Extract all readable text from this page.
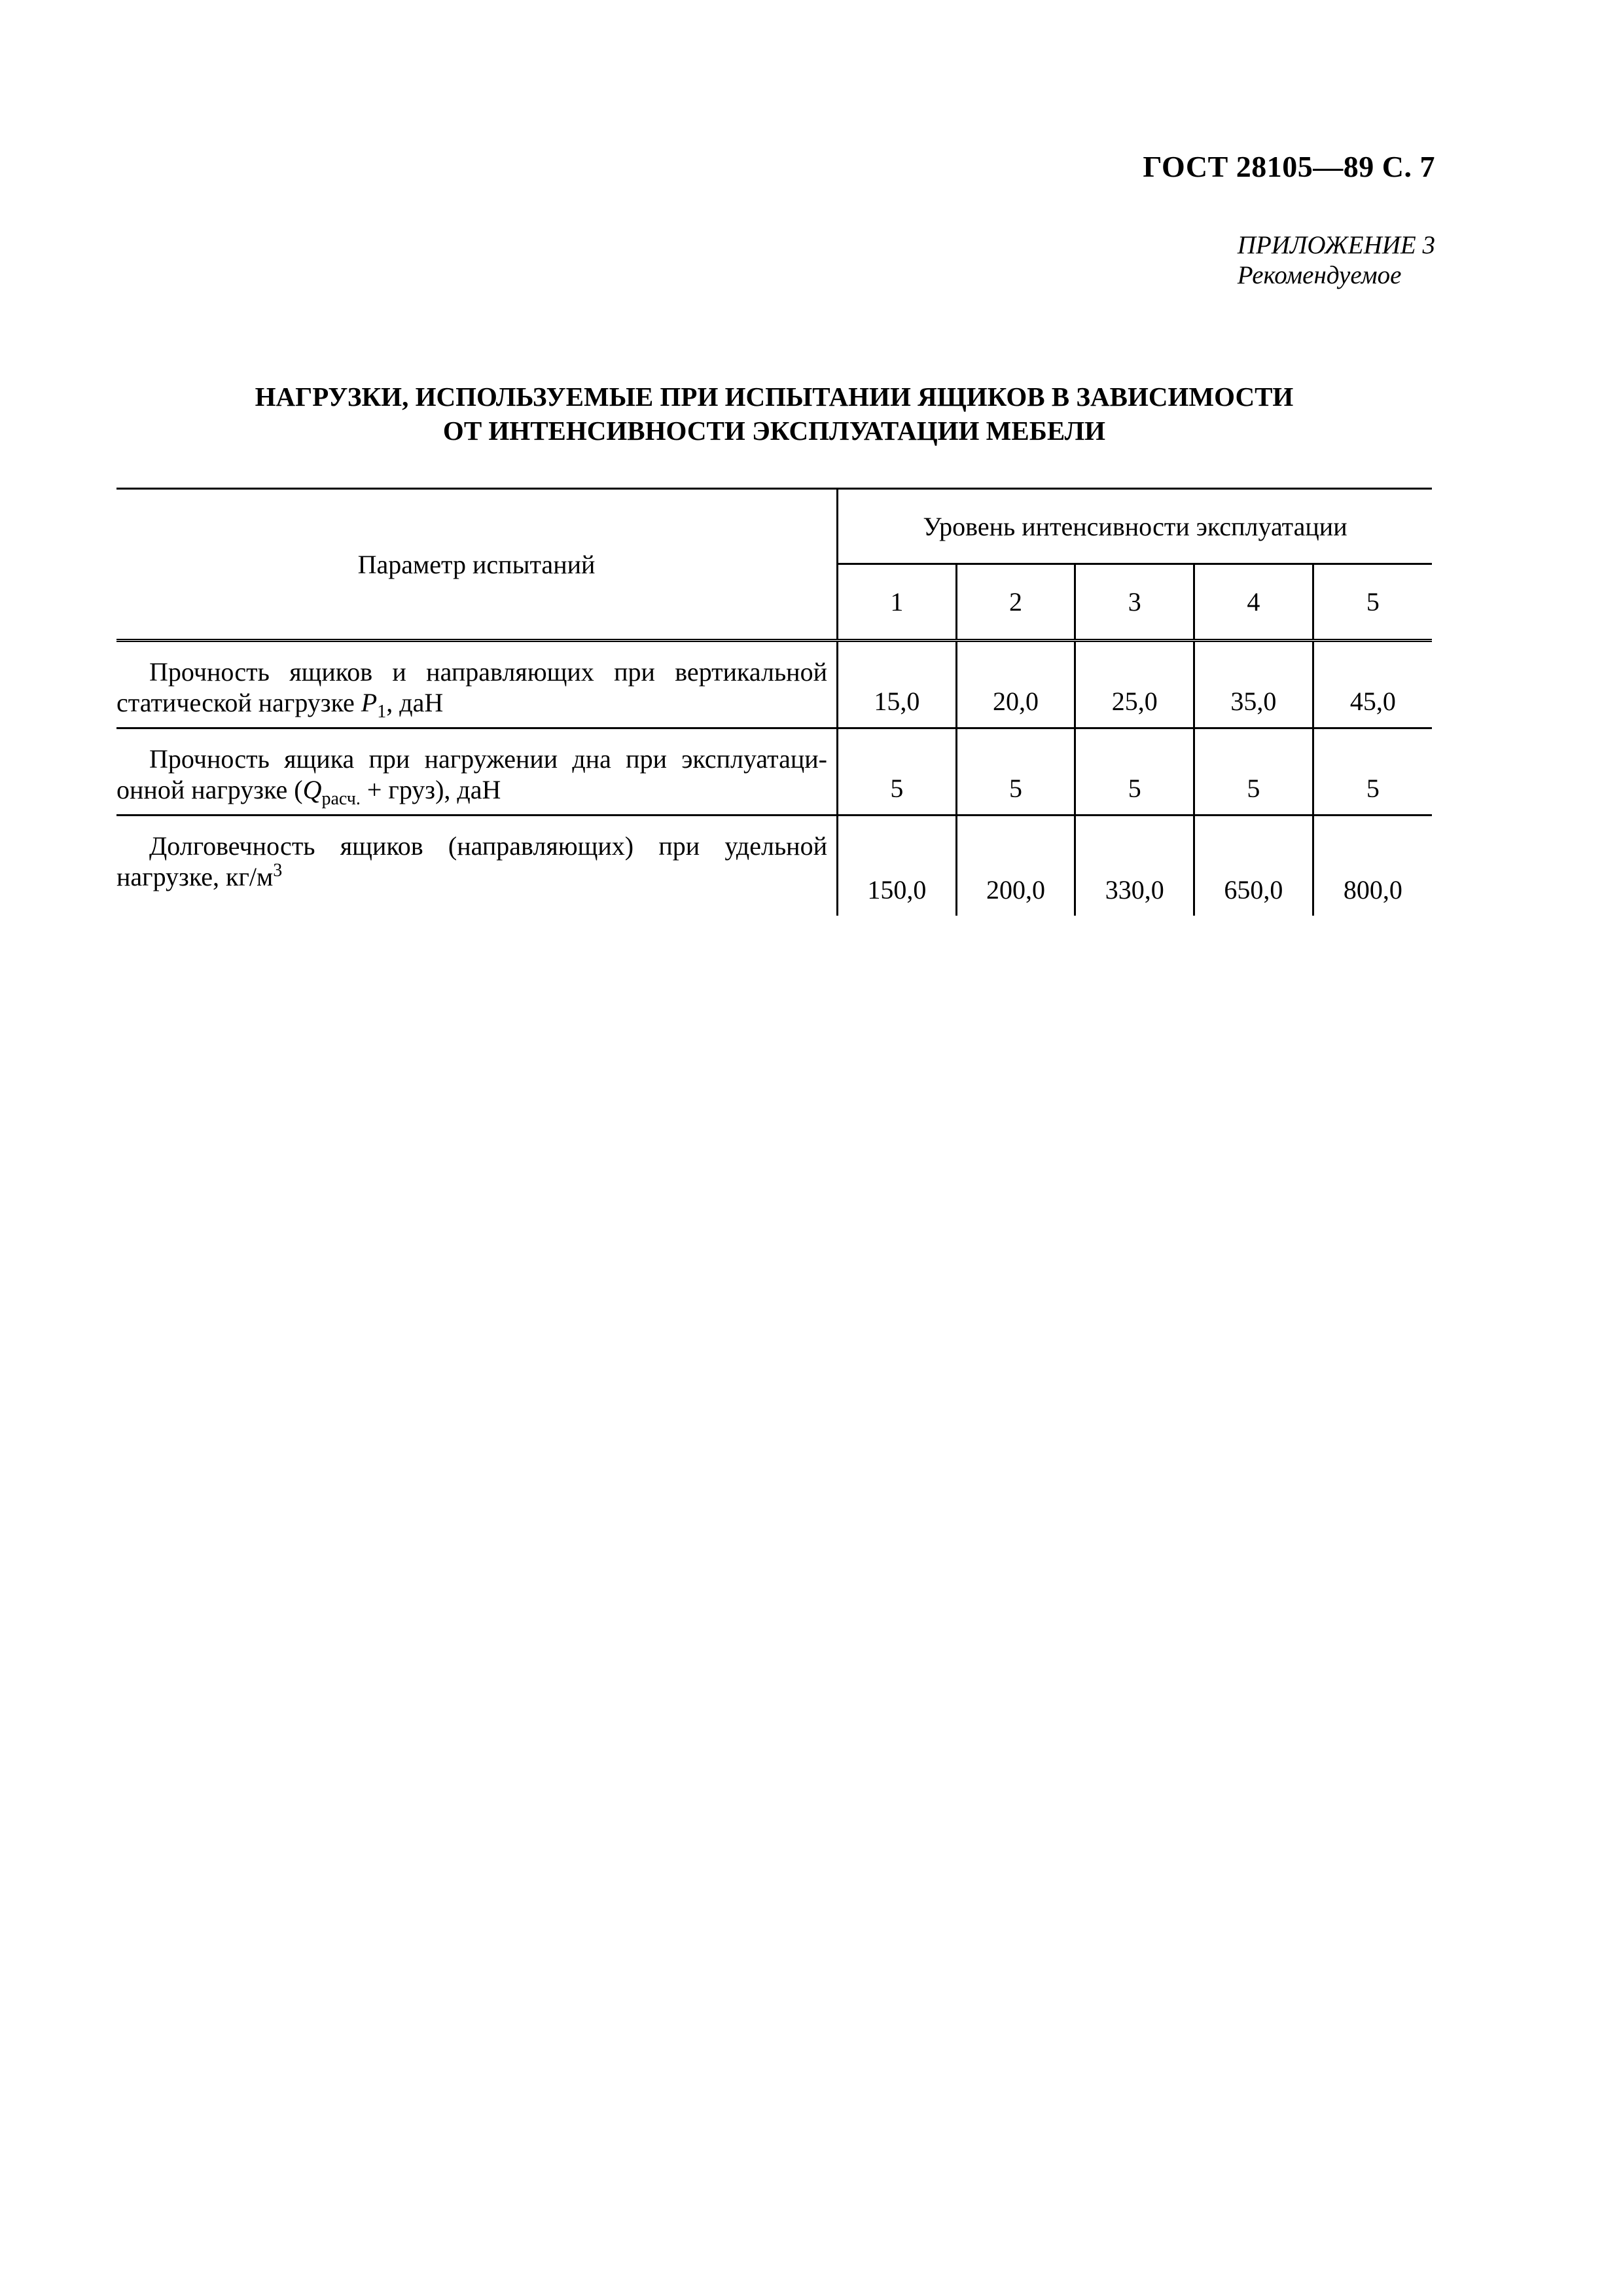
ГОСТ 28105—89 С. 7
ПРИЛОЖЕНИЕ 3
Рекомендуемое
НАГРУЗКИ, ИСПОЛЬЗУЕМЫЕ ПРИ ИСПЫТАНИИ ЯЩИКОВ В ЗАВИСИМОСТИ
ОТ ИНТЕНСИВНОСТИ ЭКСПЛУАТАЦИИ МЕБЕЛИ
Параметр испытаний	Уровень интенсивности эксплуатации				
	1	2	3	4	5
Прочность ящиков и направляющих при вертикальной статической нагрузке $P_1$, даН	15,0	20,0	25,0	35,0	45,0
Прочность ящика при нагружении дна при эксплуатационной нагрузке ($Q_{расч.}$ + груз), даН	5	5	5	5	5
Долговечность ящиков (направляющих) при удельной нагрузке, $кг/м^3$	150,0	200,0	330,0	650,0	800,0
